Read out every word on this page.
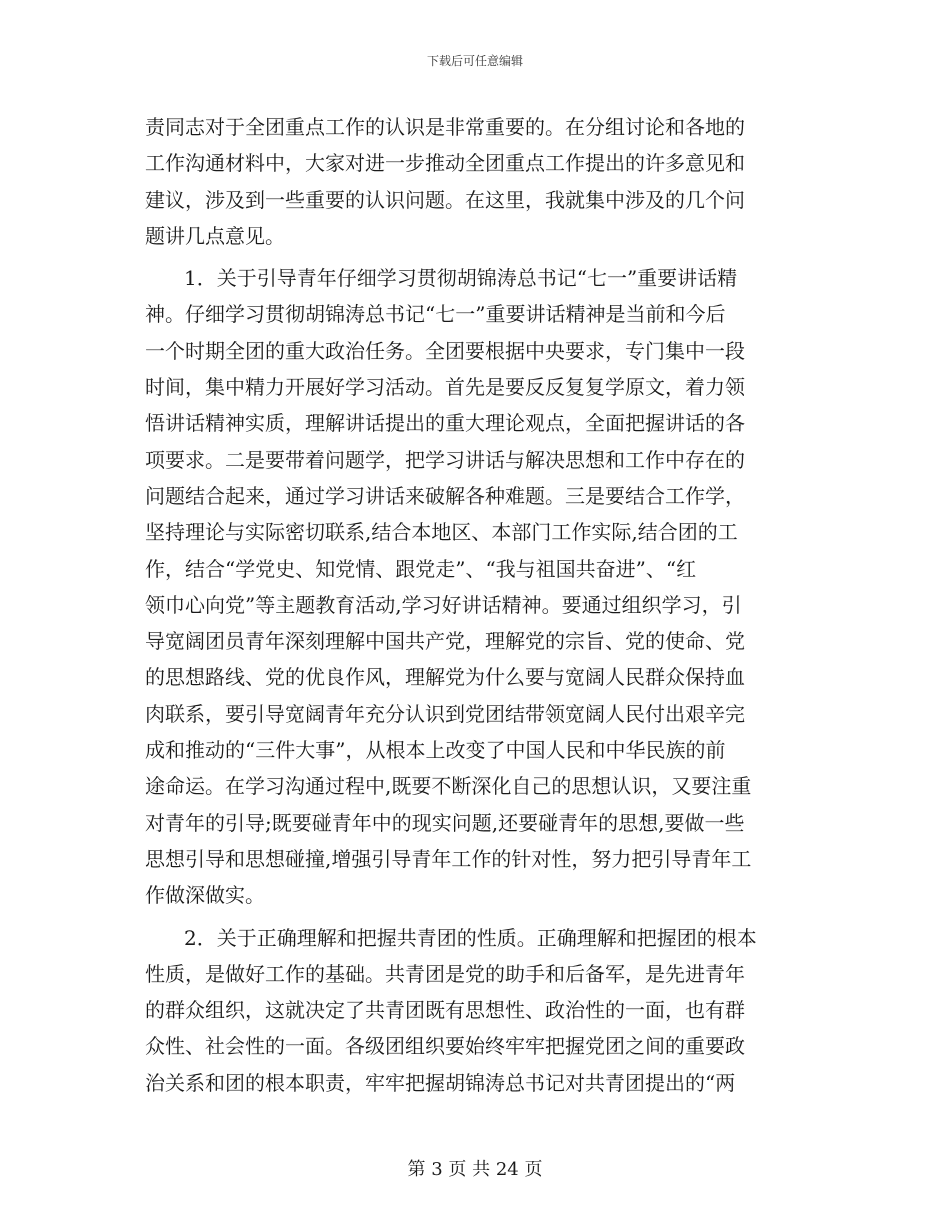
下载后可任意编辑
责同志对于全团重点工作的认识是非常重要的。在分组讨论和各地的
工作沟通材料中，大家对进一步推动全团重点工作提出的许多意见和
建议，涉及到一些重要的认识问题。在这里，我就集中涉及的几个问
题讲几点意见。
1．关于引导青年仔细学习贯彻胡锦涛总书记“七一”重要讲话精
神。仔细学习贯彻胡锦涛总书记“七一”重要讲话精神是当前和今后
一个时期全团的重大政治任务。全团要根据中央要求，专门集中一段
时间，集中精力开展好学习活动。首先是要反反复复学原文，着力领
悟讲话精神实质，理解讲话提出的重大理论观点，全面把握讲话的各
项要求。二是要带着问题学，把学习讲话与解决思想和工作中存在的
问题结合起来，通过学习讲话来破解各种难题。三是要结合工作学，
坚持理论与实际密切联系,结合本地区、本部门工作实际,结合团的工
作，结合“学党史、知党情、跟党走”、“我与祖国共奋进”、“红
领巾心向党”等主题教育活动,学习好讲话精神。要通过组织学习，引
导宽阔团员青年深刻理解中国共产党，理解党的宗旨、党的使命、党
的思想路线、党的优良作风，理解党为什么要与宽阔人民群众保持血
肉联系，要引导宽阔青年充分认识到党团结带领宽阔人民付出艰辛完
成和推动的“三件大事”，从根本上改变了中国人民和中华民族的前
途命运。在学习沟通过程中,既要不断深化自己的思想认识，又要注重
对青年的引导;既要碰青年中的现实问题,还要碰青年的思想,要做一些
思想引导和思想碰撞,增强引导青年工作的针对性，努力把引导青年工
作做深做实。
2．关于正确理解和把握共青团的性质。正确理解和把握团的根本
性质，是做好工作的基础。共青团是党的助手和后备军，是先进青年
的群众组织，这就决定了共青团既有思想性、政治性的一面，也有群
众性、社会性的一面。各级团组织要始终牢牢把握党团之间的重要政
治关系和团的根本职责，牢牢把握胡锦涛总书记对共青团提出的“两
第 3 页 共 24 页
